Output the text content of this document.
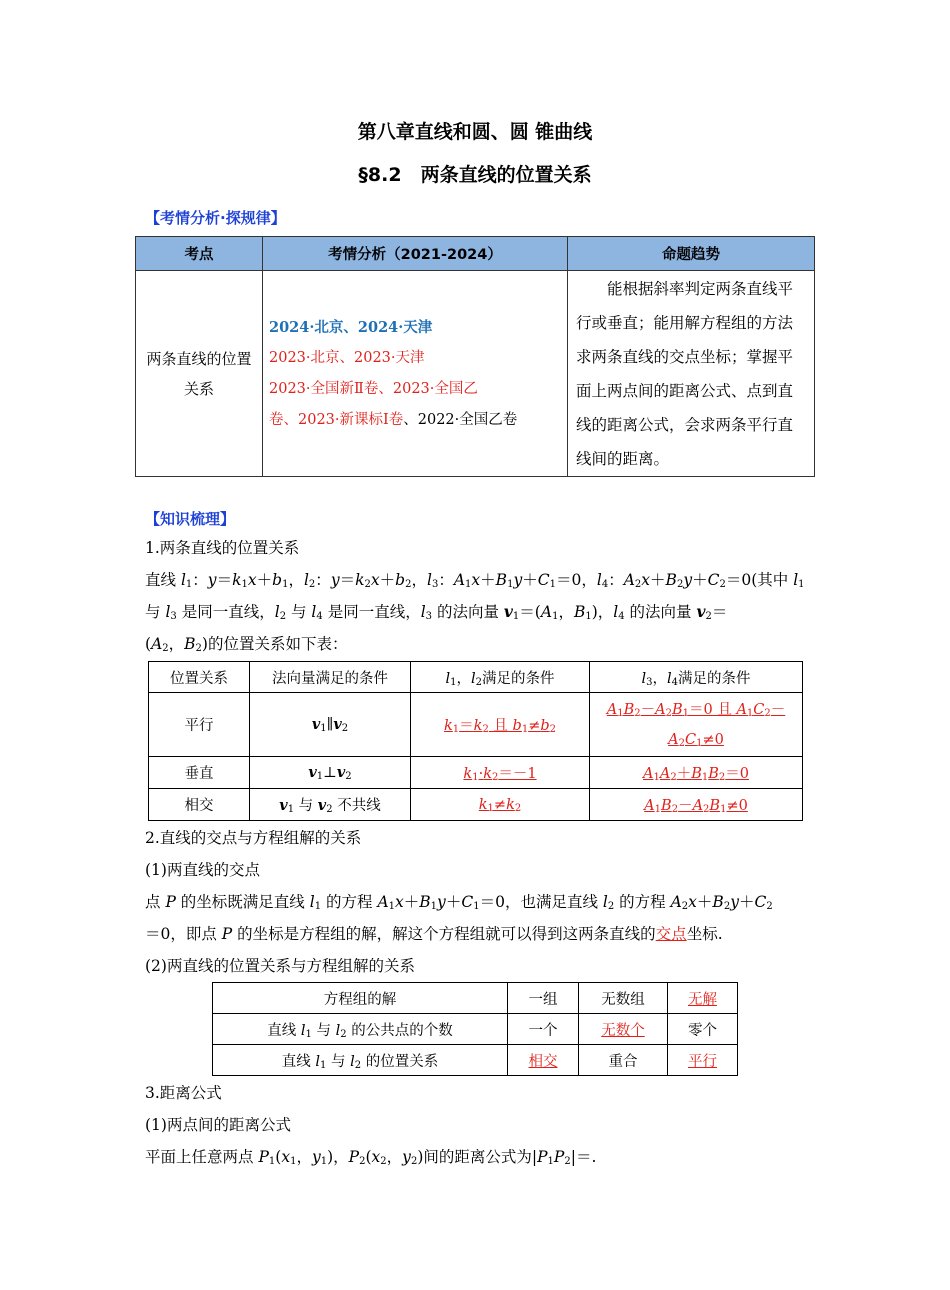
第八章直线和圆、圆 锥曲线
§8.2　两条直线的位置关系
【考情分析·探规律】
考点	考情分析（2021-2024）	命题趋势
两条直线的位置关系	2024·北京、2024·天津
2023·北京、2023·天津
2023·全国新Ⅱ卷、2023·全国乙
卷、2023·新课标Ⅰ卷、2022·全国乙卷	能根据斜率判定两条直线平行或垂直；能用解方程组的方法求两条直线的交点坐标；掌握平面上两点间的距离公式、点到直线的距离公式，会求两条平行直线间的距离。
【知识梳理】
1.两条直线的位置关系
直线 $l_1$：$y=k_1x+b_1$，$l_2$：$y=k_2x+b_2$，$l_3$：$A_1x+B_1y+C_1=0$，$l_4$：$A_2x+B_2y+C_2=0$(其中 $l_1$
与 $l_3$ 是同一直线，$l_2$ 与 $l_4$ 是同一直线，$l_3$ 的法向量 $v_1=(A_1$，$B_1$)，$l_4$ 的法向量 $v_2=$
($A_2$，$B_2$)的位置关系如下表：
位置关系	法向量满足的条件	$l_1$，$l_2$满足的条件	$l_3$，$l_4$满足的条件
平行	$v_1\parallel v_2$	$k_1=k_2$ 且 $b_1\ne b_2$	$A_1B_2-A_2B_1=0$ 且 $A_1C_2-$
$A_2C_1\ne 0$

垂直	$v_1\perp v_2$	$k_1\cdot k_2=-1$	$A_1A_2+B_1B_2=0$
相交	$v_1$ 与 $v_2$ 不共线	$k_1\ne k_2$	$A_1B_2-A_2B_1\ne 0$
2.直线的交点与方程组解的关系
(1)两直线的交点
点 P 的坐标既满足直线 $l_1$ 的方程 $A_1x+B_1y+C_1=0$，也满足直线 $l_2$ 的方程 $A_2x+B_2y+C_2$
＝0，即点 P 的坐标是方程组的解，解这个方程组就可以得到这两条直线的交点坐标.
(2)两直线的位置关系与方程组解的关系
方程组的解	一组	无数组	无解
直线 $l_1$ 与 $l_2$ 的公共点的个数	一个	无数个	零个
直线 $l_1$ 与 $l_2$ 的位置关系	相交	重合	平行
3.距离公式
(1)两点间的距离公式
平面上任意两点 $P_1(x_1$，$y_1$)，$P_2(x_2$，$y_2$)间的距离公式为$|P_1P_2|=$.
